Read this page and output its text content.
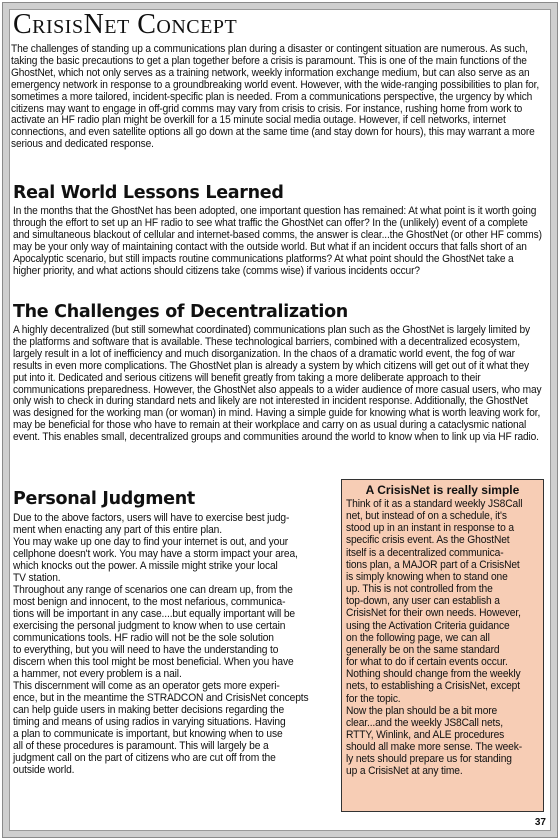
CrisisNet Concept

The challenges of standing up a communications plan during a disaster or contingent situation are numerous. As such, taking the basic precautions to get a plan together before a crisis is paramount. This is one of the main functions of the GhostNet, which not only serves as a training network, weekly information exchange medium, but can also serve as an emergency network in response to a groundbreaking world event. However, with the wide-ranging possibilities to plan for, sometimes a more tailored, incident-specific plan is needed. From a communications perspective, the urgency by which citizens may want to engage in off-grid comms may vary from crisis to crisis. For instance, rushing home from work to activate an HF radio plan might be overkill for a 15 minute social media outage. However, if cell networks, internet connections, and even satellite options all go down at the same time (and stay down for hours), this may warrant a more serious and dedicated response.

Real World Lessons Learned

In the months that the GhostNet has been adopted, one important question has remained: At what point is it worth going through the effort to set up an HF radio to see what traffic the GhostNet can offer? In the (unlikely) event of a complete and simultaneous blackout of cellular and internet-based comms, the answer is clear...the GhostNet (or other HF comms) may be your only way of maintaining contact with the outside world. But what if an incident occurs that falls short of an Apocalyptic scenario, but still impacts routine communications platforms? At what point should the GhostNet take a higher priority, and what actions should citizens take (comms wise) if various incidents occur?

The Challenges of Decentralization

A highly decentralized (but still somewhat coordinated) communications plan such as the GhostNet is largely limited by the platforms and software that is available. These technological barriers, combined with a decentralized ecosystem, largely result in a lot of inefficiency and much disorganization. In the chaos of a dramatic world event, the fog of war results in even more complications. The GhostNet plan is already a system by which citizens will get out of it what they put into it. Dedicated and serious citizens will benefit greatly from taking a more deliberate approach to their communications preparedness. However, the GhostNet also appeals to a wider audience of more casual users, who may only wish to check in during standard nets and likely are not interested in incident response. Additionally, the GhostNet was designed for the working man (or woman) in mind. Having a simple guide for knowing what is worth leaving work for, may be beneficial for those who have to remain at their workplace and carry on as usual during a cataclysmic national event. This enables small, decentralized groups and communities around the world to know when to link up via HF radio.

Personal Judgment
Due to the above factors, users will have to exercise best judg-
ment when enacting any part of this entire plan.
You may wake up one day to find your internet is out, and your
cellphone doesn't work. You may have a storm impact your area,
which knocks out the power. A missile might strike your local
TV station.
Throughout any range of scenarios one can dream up, from the
most benign and innocent, to the most nefarious, communica-
tions will be important in any case....but equally important will be
exercising the personal judgment to know when to use certain
communications tools. HF radio will not be the sole solution
to everything, but you will need to have the understanding to
discern when this tool might be most beneficial. When you have
a hammer, not every problem is a nail.
This discernment will come as an operator gets more experi-
ence, but in the meantime the STRADCON and CrisisNet concepts
can help guide users in making better decisions regarding the
timing and means of using radios in varying situations. Having
a plan to communicate is important, but knowing when to use
all of these procedures is paramount. This will largely be a
judgment call on the part of citizens who are cut off from the
outside world.

A CrisisNet is really simple

Think of it as a standard weekly JS8Call
net, but instead of on a schedule, it's
stood up in an instant in response to a
specific crisis event. As the GhostNet
itself is a decentralized communica-
tions plan, a MAJOR part of a CrisisNet
is simply knowing when to stand one
up. This is not controlled from the
top-down, any user can establish a
CrisisNet for their own needs. However,
using the Activation Criteria guidance
on the following page, we can all
generally be on the same standard
for what to do if certain events occur.
Nothing should change from the weekly
nets, to establishing a CrisisNet, except
for the topic.
Now the plan should be a bit more
clear...and the weekly JS8Call nets,
RTTY, Winlink, and ALE procedures
should all make more sense. The week-
ly nets should prepare us for standing
up a CrisisNet at any time.
37
